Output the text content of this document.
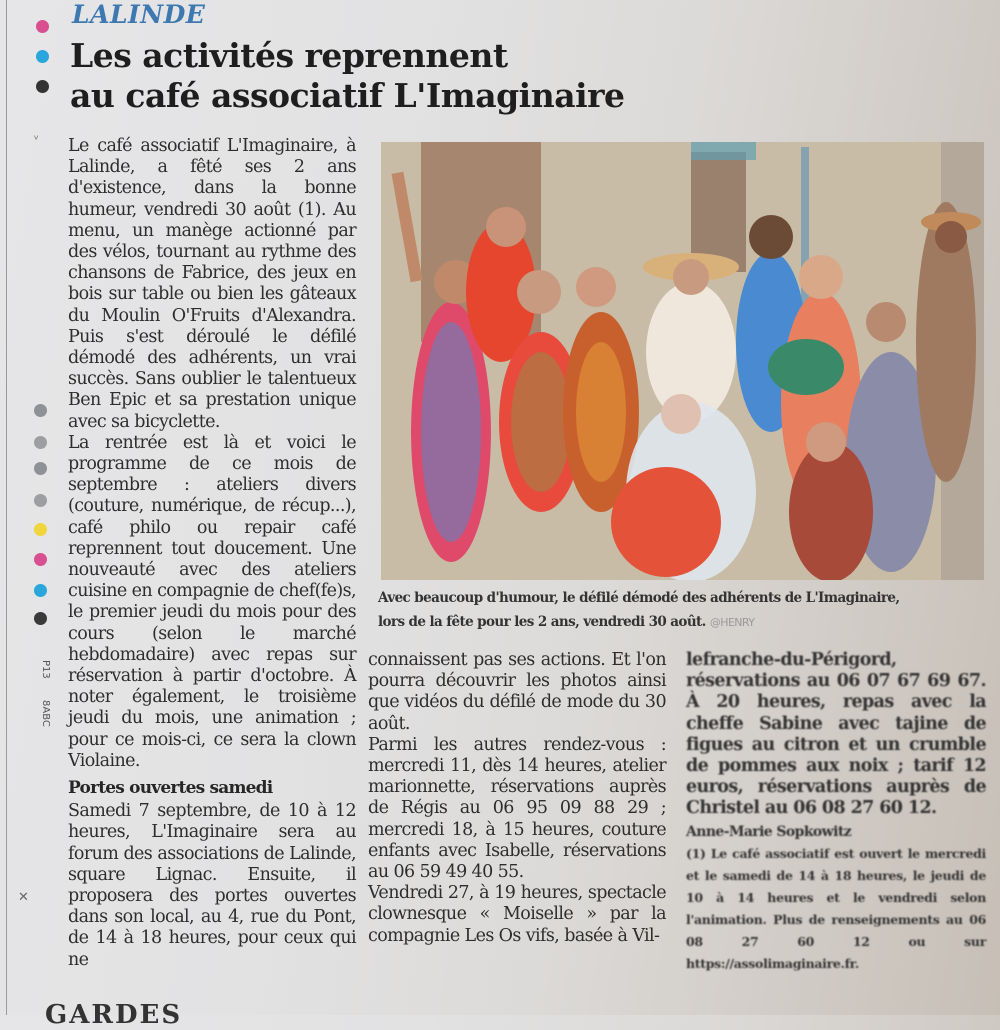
ⱽ
✕
P13
8ABC
LALINDE
Les activités reprennent
au café associatif L'Imaginaire

Le café associatif L'Imaginaire, à Lalinde, a fêté ses 2 ans d'existence, dans la bonne humeur, vendredi 30 août (1). Au menu, un manège actionné par des vélos, tournant au rythme des chansons de Fabrice, des jeux en bois sur table ou bien les gâteaux du Moulin O'Fruits d'Alexandra. Puis s'est déroulé le défilé démodé des adhérents, un vrai succès. Sans oublier le talentueux Ben Epic et sa prestation unique avec sa bicyclette.

La rentrée est là et voici le programme de ce mois de septembre : ateliers divers (couture, numérique, de récup...), café philo ou repair café reprennent tout doucement. Une nouveauté avec des ateliers cuisine en compagnie de chef(fe)s, le premier jeudi du mois pour des cours (selon le marché hebdomadaire) avec repas sur réservation à partir d'octobre. À noter également, le troisième jeudi du mois, une animation ; pour ce mois-ci, ce sera la clown Violaine.

Portes ouvertes samedi

Samedi 7 septembre, de 10 à 12 heures, L'Imaginaire sera au forum des associations de Lalinde, square Lignac. Ensuite, il proposera des portes ouvertes dans son local, au 4, rue du Pont, de 14 à 18 heures, pour ceux qui ne

Avec beaucoup d'humour, le défilé démodé des adhérents de L'Imaginaire,
lors de la fête pour les 2 ans, vendredi 30 août. @HENRY

connaissent pas ses actions. Et l'on pourra découvrir les photos ainsi que vidéos du défilé de mode du 30 août.

Parmi les autres rendez-vous : mercredi 11, dès 14 heures, atelier marionnette, réservations auprès de Régis au 06 95 09 88 29 ; mercredi 18, à 15 heures, couture enfants avec Isabelle, réservations au 06 59 49 40 55.

Vendredi 27, à 19 heures, spectacle clownesque « Moiselle » par la compagnie Les Os vifs, basée à Vil-

lefranche-du-Périgord, réservations au 06 07 67 69 67. À 20 heures, repas avec la cheffe Sabine avec tajine de figues au citron et un crumble de pommes aux noix ; tarif 12 euros, réservations auprès de Christel au 06 08 27 60 12.

Anne-Marie Sopkowitz

(1) Le café associatif est ouvert le mercredi et le samedi de 14 à 18 heures, le jeudi de 10 à 14 heures et le vendredi selon l'animation. Plus de renseignements au 06 08 27 60 12 ou sur https://assolimaginaire.fr.

GARDES
